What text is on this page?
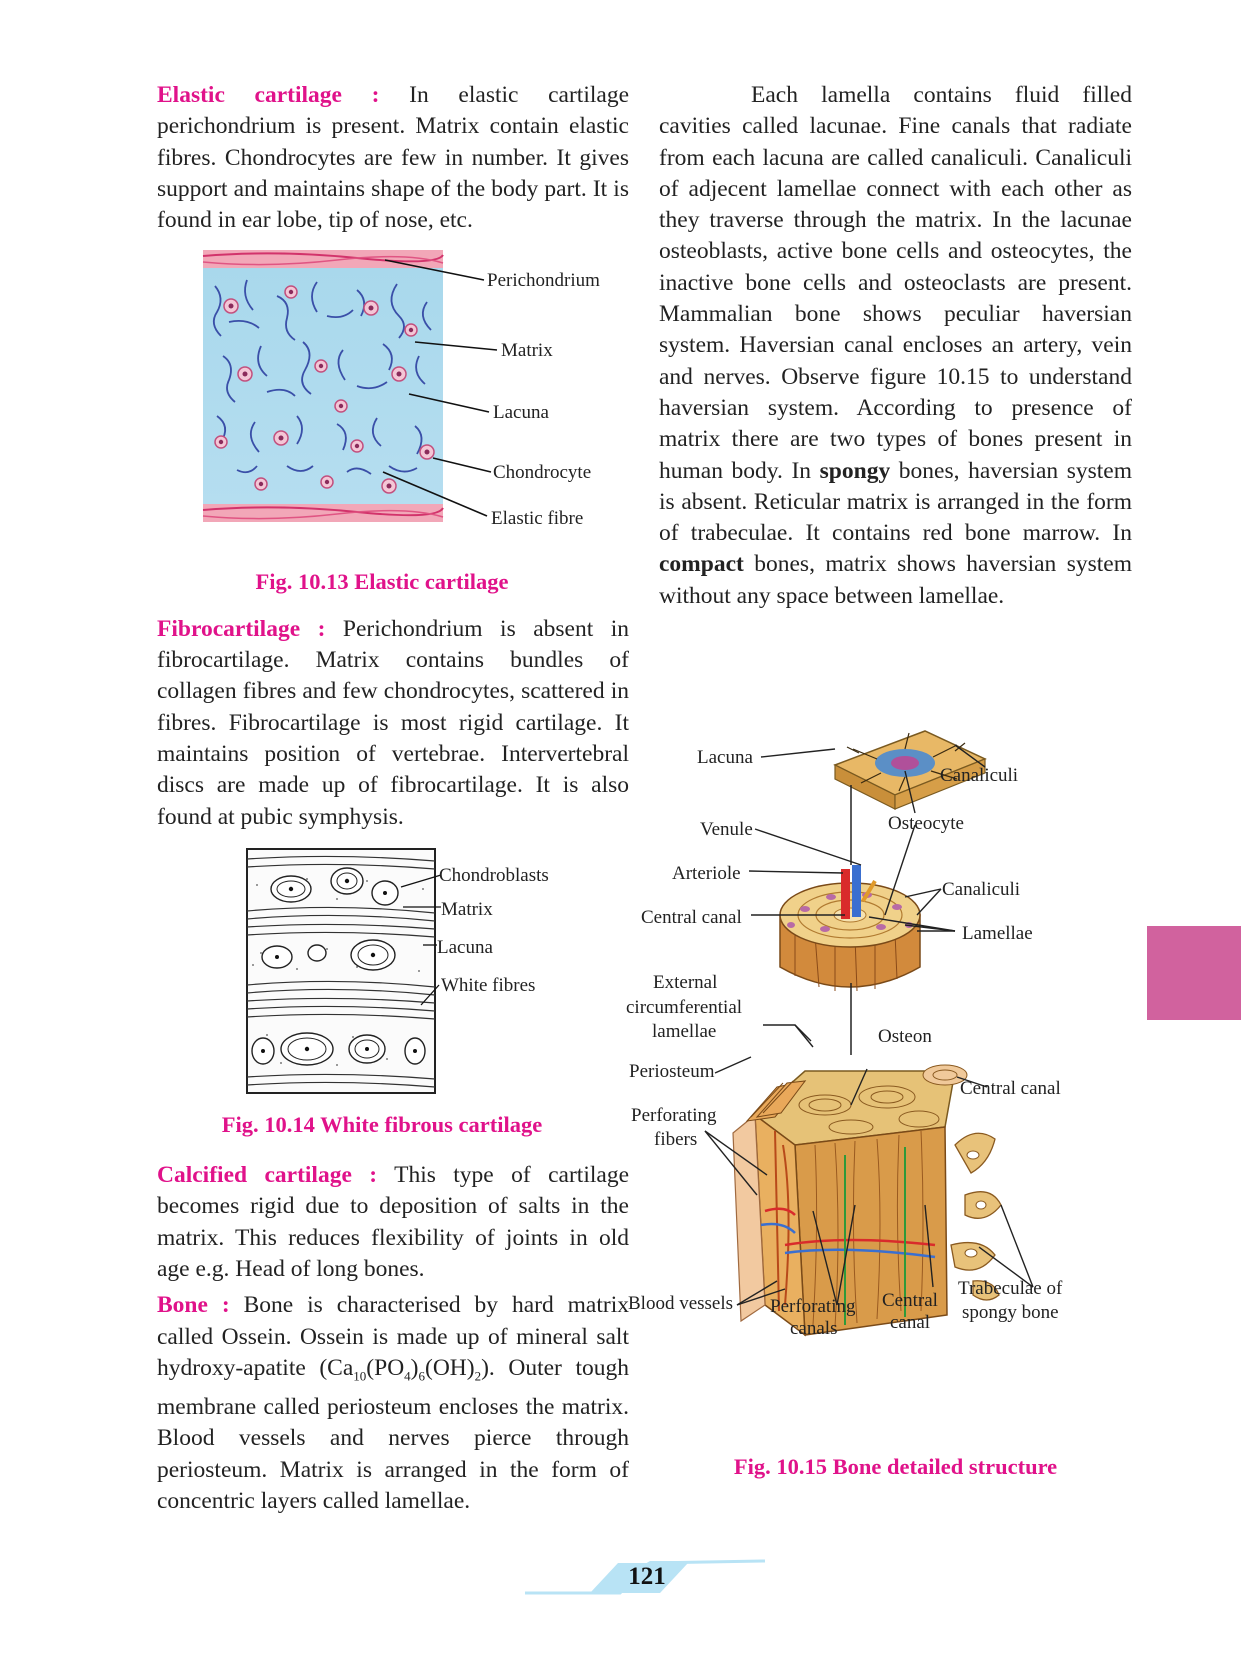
Elastic cartilage : In elastic cartilage perichondrium is present. Matrix contain elastic fibres. Chondrocytes are few in number. It gives support and maintains shape of the body part. It is found in ear lobe, tip of nose, etc.

Perichondrium
Matrix
Lacuna
Chondrocyte
Elastic fibre

Fig. 10.13 Elastic cartilage

Fibrocartilage : Perichondrium is absent in fibrocartilage. Matrix contains bundles of collagen fibres and few chondrocytes, scattered in fibres. Fibrocartilage is most rigid cartilage. It maintains position of vertebrae. Intervertebral discs are made up of fibrocartilage. It is also found at pubic symphysis.

Chondroblasts
Matrix
Lacuna
White fibres

Fig. 10.14 White fibrous cartilage

Calcified cartilage : This type of cartilage becomes rigid due to deposition of salts in the matrix. This reduces flexibility of joints in old age e.g. Head of long bones.

Bone : Bone is characterised by hard matrix called Ossein. Ossein is made up of mineral salt hydroxy-apatite $(Ca_{10}(PO_4)_6(OH)_2)$. Outer tough membrane called periosteum encloses the matrix. Blood vessels and nerves pierce through periosteum. Matrix is arranged in the form of concentric layers called lamellae.

Each lamella contains fluid filled cavities called lacunae. Fine canals that radiate from each lacuna are called canaliculi. Canaliculi of adjecent lamellae connect with each other as they traverse through the matrix. In the lacunae osteoblasts, active bone cells and osteocytes, the inactive bone cells and osteoclasts are present. Mammalian bone shows peculiar haversian system. Haversian canal encloses an artery, vein and nerves. Observe figure 10.15 to understand haversian system. According to presence of matrix there are two types of bones present in human body. In spongy bones, haversian system is absent. Reticular matrix is arranged in the form of trabeculae. It contains red bone marrow. In compact bones, matrix shows haversian system without any space between lamellae.

Lacuna
Canaliculi
Osteocyte
Venule
Arteriole
Canaliculi
Central canal
Lamellae
External
circumferential
lamellae	Osteon
Periosteum
Central canal
Perforating
fibers
Blood vessels Perforating
canals
Central
canal
Trabeculae of
spongy bone

Fig. 10.15 Bone detailed structure

121
